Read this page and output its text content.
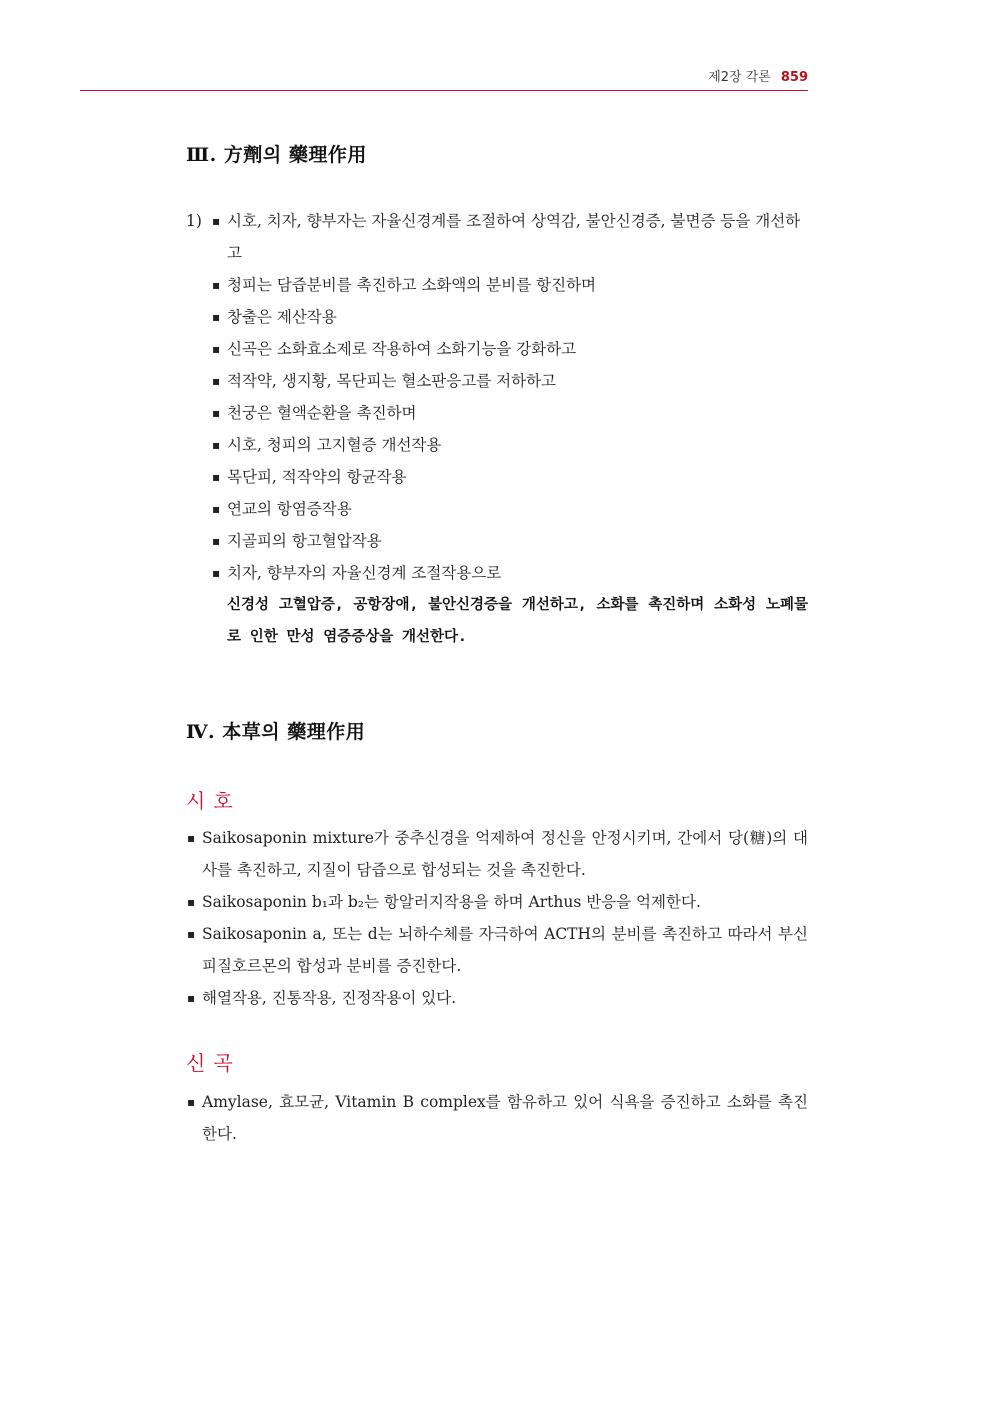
제2장 각론 859
Ⅲ. 方劑의 藥理作用
1)
▪	시호, 치자, 향부자는 자율신경계를 조절하여 상역감, 불안신경증, 불면증 등을 개선하고
▪ 청피는 담즙분비를 촉진하고 소화액의 분비를 항진하며
▪ 창출은 제산작용
▪ 신곡은 소화효소제로 작용하여 소화기능을 강화하고
▪ 적작약, 생지황, 목단피는 혈소판응고를 저하하고
▪ 천궁은 혈액순환을 촉진하며
▪ 시호, 청피의 고지혈증 개선작용
▪ 목단피, 적작약의 항균작용
▪ 연교의 항염증작용
▪ 지골피의 항고혈압작용
▪ 치자, 향부자의 자율신경계 조절작용으로
신경성 고혈압증, 공항장애, 불안신경증을 개선하고, 소화를 촉진하며 소화성 노폐물로 인한 만성 염증증상을 개선한다.
Ⅳ. 本草의 藥理作用
시호
▪ Saikosaponin mixture가 중추신경을 억제하여 정신을 안정시키며, 간에서 당(糖)의 대사를 촉진하고, 지질이 담즙으로 합성되는 것을 촉진한다.
▪ Saikosaponin b₁과 b₂는 항알러지작용을 하며 Arthus 반응을 억제한다.
▪ Saikosaponin a, 또는 d는 뇌하수체를 자극하여 ACTH의 분비를 촉진하고 따라서 부신피질호르몬의 합성과 분비를 증진한다.
▪ 해열작용, 진통작용, 진정작용이 있다.
신곡
▪ Amylase, 효모균, Vitamin B complex를 함유하고 있어 식욕을 증진하고 소화를 촉진한다.
